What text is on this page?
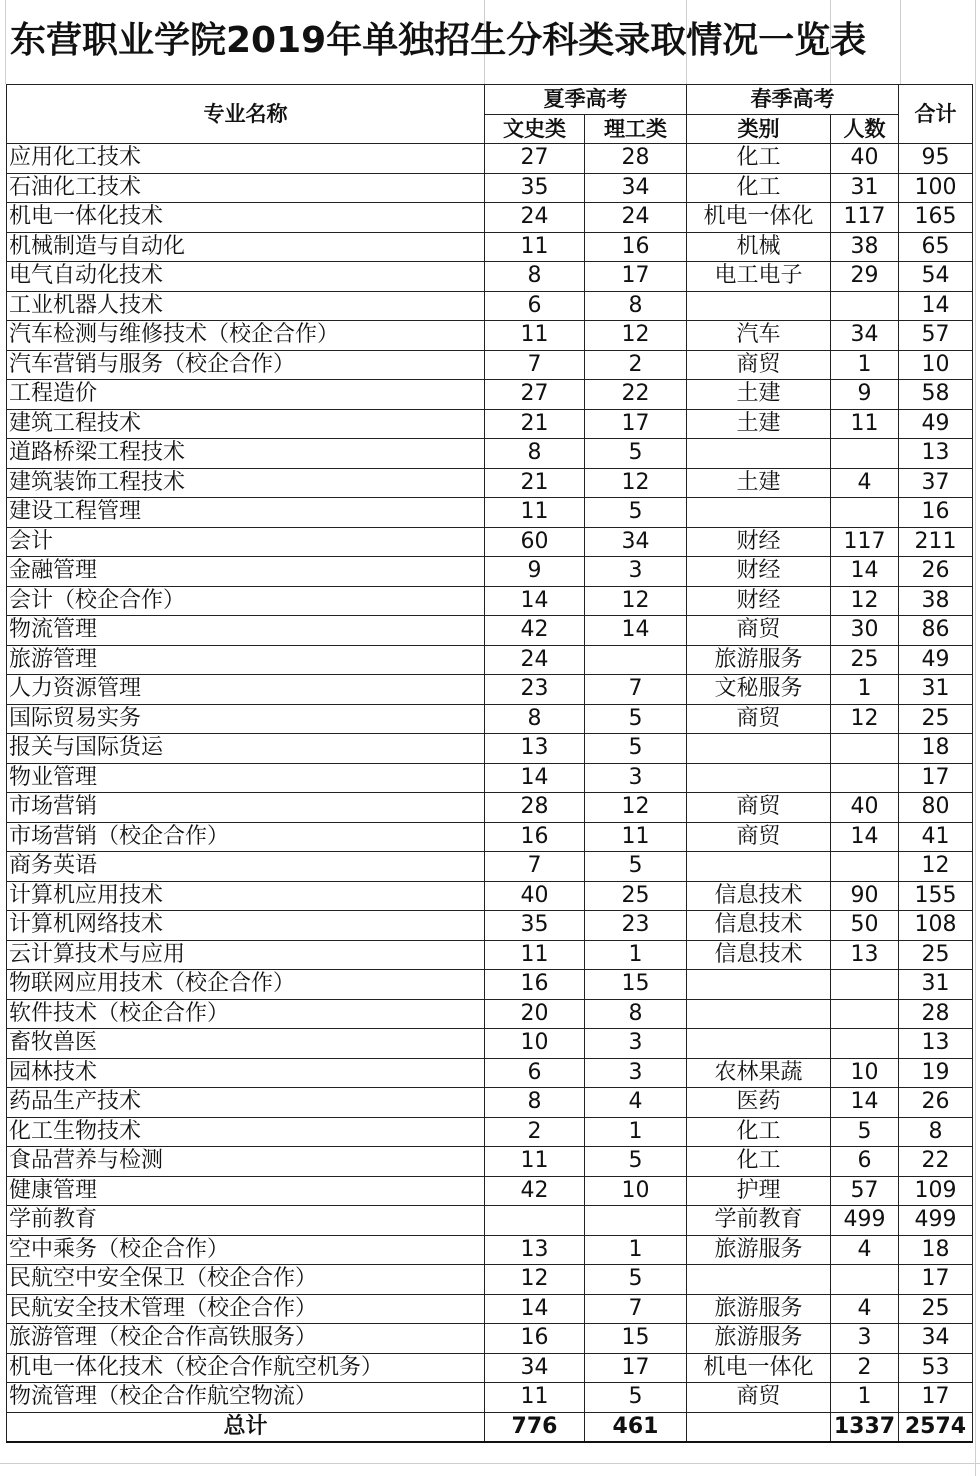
东营职业学院2019年单独招生分科类录取情况一览表
专业名称	夏季高考		春季高考		合计
	文史类	理工类	类别	人数	
应用化工技术	27	28	化工	40	95
石油化工技术	35	34	化工	31	100
机电一体化技术	24	24	机电一体化	117	165
机械制造与自动化	11	16	机械	38	65
电气自动化技术	8	17	电工电子	29	54
工业机器人技术	6	8			14
汽车检测与维修技术（校企合作）	11	12	汽车	34	57
汽车营销与服务（校企合作）	7	2	商贸	1	10
工程造价	27	22	土建	9	58
建筑工程技术	21	17	土建	11	49
道路桥梁工程技术	8	5			13
建筑装饰工程技术	21	12	土建	4	37
建设工程管理	11	5			16
会计	60	34	财经	117	211
金融管理	9	3	财经	14	26
会计（校企合作）	14	12	财经	12	38
物流管理	42	14	商贸	30	86
旅游管理	24		旅游服务	25	49
人力资源管理	23	7	文秘服务	1	31
国际贸易实务	8	5	商贸	12	25
报关与国际货运	13	5			18
物业管理	14	3			17
市场营销	28	12	商贸	40	80
市场营销（校企合作）	16	11	商贸	14	41
商务英语	7	5			12
计算机应用技术	40	25	信息技术	90	155
计算机网络技术	35	23	信息技术	50	108
云计算技术与应用	11	1	信息技术	13	25
物联网应用技术（校企合作）	16	15			31
软件技术（校企合作）	20	8			28
畜牧兽医	10	3			13
园林技术	6	3	农林果蔬	10	19
药品生产技术	8	4	医药	14	26
化工生物技术	2	1	化工	5	8
食品营养与检测	11	5	化工	6	22
健康管理	42	10	护理	57	109
学前教育			学前教育	499	499
空中乘务（校企合作）	13	1	旅游服务	4	18
民航空中安全保卫（校企合作）	12	5			17
民航安全技术管理（校企合作）	14	7	旅游服务	4	25
旅游管理（校企合作高铁服务）	16	15	旅游服务	3	34
机电一体化技术（校企合作航空机务）	34	17	机电一体化	2	53
物流管理（校企合作航空物流）	11	5	商贸	1	17
总计	776	461		1337	2574
